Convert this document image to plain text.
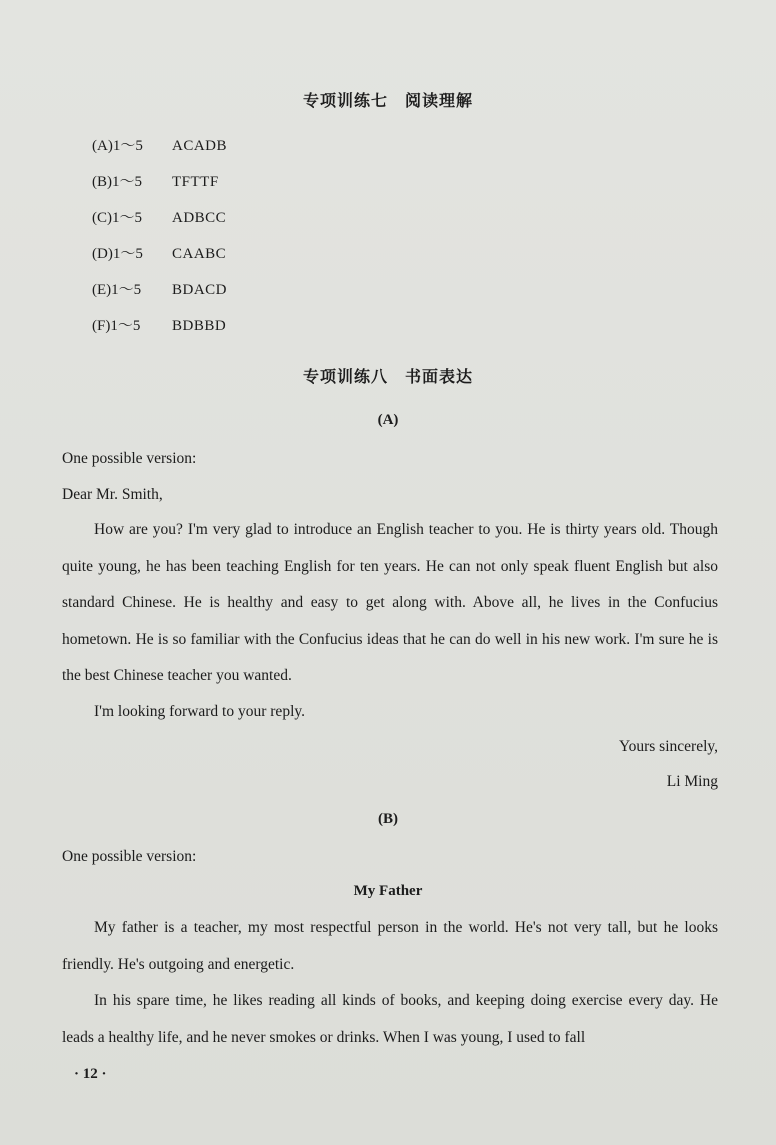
专项训练七　阅读理解
(A)1～5	ACADB
(B)1～5	TFTTF
(C)1～5	ADBCC
(D)1～5	CAABC
(E)1～5	BDACD
(F)1～5	BDBBD
专项训练八　书面表达
(A)
One possible version:
Dear Mr. Smith,
How are you? I'm very glad to introduce an English teacher to you. He is thirty years old. Though quite young, he has been teaching English for ten years. He can not only speak fluent English but also standard Chinese. He is healthy and easy to get along with. Above all, he lives in the Confucius hometown. He is so familiar with the Confucius ideas that he can do well in his new work. I'm sure he is the best Chinese teacher you wanted.
I'm looking forward to your reply.
Yours sincerely,
Li Ming
(B)
One possible version:
My Father
My father is a teacher, my most respectful person in the world. He's not very tall, but he looks friendly. He's outgoing and energetic.
In his spare time, he likes reading all kinds of books, and keeping doing exercise every day. He leads a healthy life, and he never smokes or drinks. When I was young, I used to fall
· 12 ·
